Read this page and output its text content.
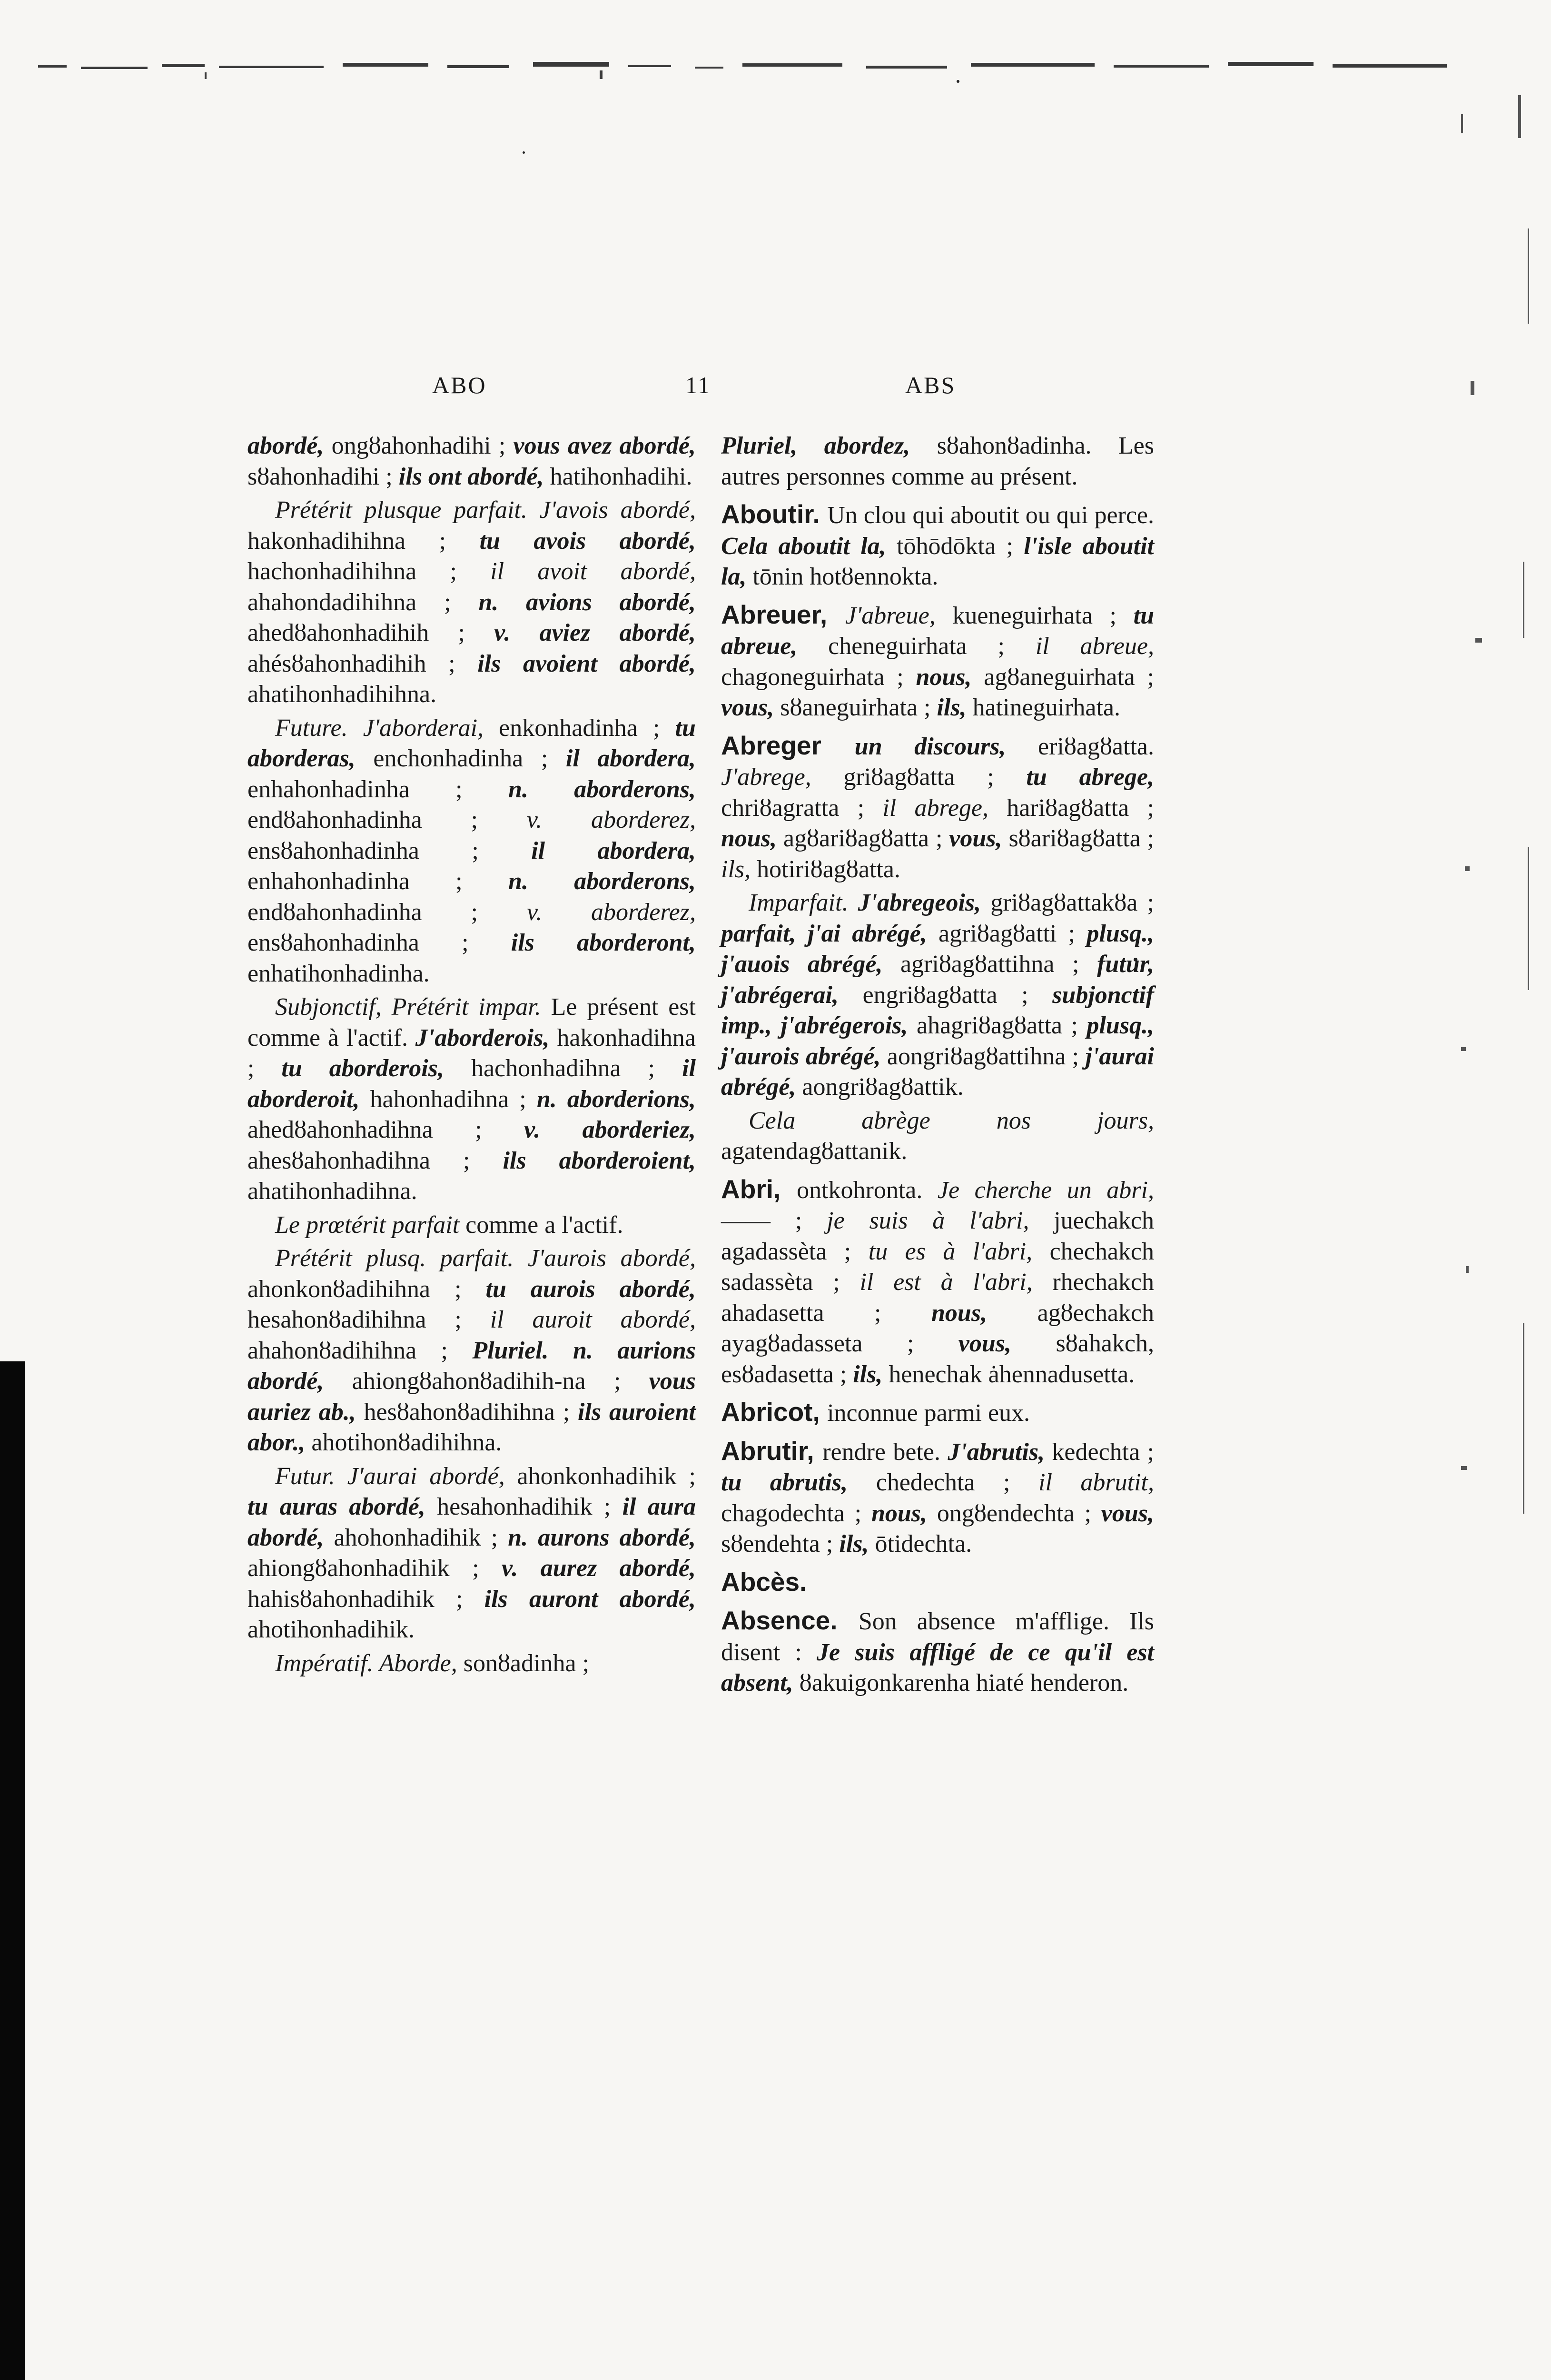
ABO	11	ABS

abordé, ongȣahonhadihi ; vous avez abordé, sȣahonhadihi ; ils ont abordé, hatihonhadihi.

Prétérit plusque parfait. J'avois abordé, hakonhadihihna ; tu avois abordé, hachonhadihihna ; il avoit abordé, ahahondadihihna ; n. avions abordé, ahedȣahonhadihih ; v. aviez abordé, ahésȣahonhadihih ; ils avoient abordé, ahatihonhadihihna.

Future. J'aborderai, enkonhadinha ; tu aborderas, enchonhadinha ; il abordera, enhahonhadinha ; n. aborderons, endȣahonhadinha ; v. aborderez, ensȣahonhadinha ; il abordera, enhahonhadinha ; n. aborderons, endȣahonhadinha ; v. aborderez, ensȣahonhadinha ; ils aborderont, enhatihonhadinha.

Subjonctif, Prétérit impar. Le présent est comme à l'actif. J'aborderois, hakonhadihna ; tu aborderois, hachonhadihna ; il aborderoit, hahonhadihna ; n. aborderions, ahedȣahonhadihna ; v. aborderiez, ahesȣahonhadihna ; ils aborderoient, ahatihonhadihna.

Le prœtérit parfait comme a l'actif.

Prétérit plusq. parfait. J'aurois abordé, ahonkonȣadihihna ; tu aurois abordé, hesahonȣadihihna ; il auroit abordé, ahahonȣadihihna ; Pluriel. n. aurions abordé, ahiongȣahonȣadihih-na ; vous auriez ab., hesȣahonȣadihihna ; ils auroient abor., ahotihonȣadihihna.

Futur. J'aurai abordé, ahonkonhadihik ; tu auras abordé, hesahonhadihik ; il aura abordé, ahohonhadihik ; n. aurons abordé, ahiongȣahonhadihik ; v. aurez abordé, hahisȣahonhadihik ; ils auront abordé, ahotihonhadihik.

Impératif. Aborde, sonȣadinha ;

Pluriel, abordez, sȣahonȣadinha. Les autres personnes comme au présent.

Aboutir. Un clou qui aboutit ou qui perce. Cela aboutit la, tōhōdōkta ; l'isle aboutit la, tōnin hotȣennokta.

Abreuer, J'abreue, kueneguirhata ; tu abreue, cheneguirhata ; il abreue, chagoneguirhata ; nous, agȣaneguirhata ; vous, sȣaneguirhata ; ils, hatineguirhata.

Abreger un discours, eriȣagȣatta. J'abrege, griȣagȣatta ; tu abrege, chriȣagratta ; il abrege, hariȣagȣatta ; nous, agȣariȣagȣatta ; vous, sȣariȣagȣatta ; ils, hotiriȣagȣatta.

Imparfait. J'abregeois, griȣagȣattakȣa ; parfait, j'ai abrégé, agriȣagȣatti ; plusq., j'auois abrégé, agriȣagȣattihna ; futur, j'abrégerai, engriȣagȣatta ; subjonctif imp., j'abrégerois, ahagriȣagȣatta ; plusq., j'aurois abrégé, aongriȣagȣattihna ; j'aurai abrégé, aongriȣagȣattik.

Cela abrège nos jours, agatendagȣattanik.

Abri, ontkohronta. Je cherche un abri, —— ; je suis à l'abri, juechakch agadassèta ; tu es à l'abri, chechakch sadassèta ; il est à l'abri, rhechakch ahadasetta ; nous, agȣechakch ayagȣadasseta ; vous, sȣahakch, esȣadasetta ; ils, henechak ȧhennadusetta.

Abricot, inconnue parmi eux.

Abrutir, rendre bete. J'abrutis, kedechta ; tu abrutis, chedechta ; il abrutit, chagodechta ; nous, ongȣendechta ; vous, sȣendehta ; ils, ōtidechta.

Abcès.

Absence. Son absence m'afflige. Ils disent : Je suis affligé de ce qu'il est absent, ȣakuigonkarenha hiaté henderon.
